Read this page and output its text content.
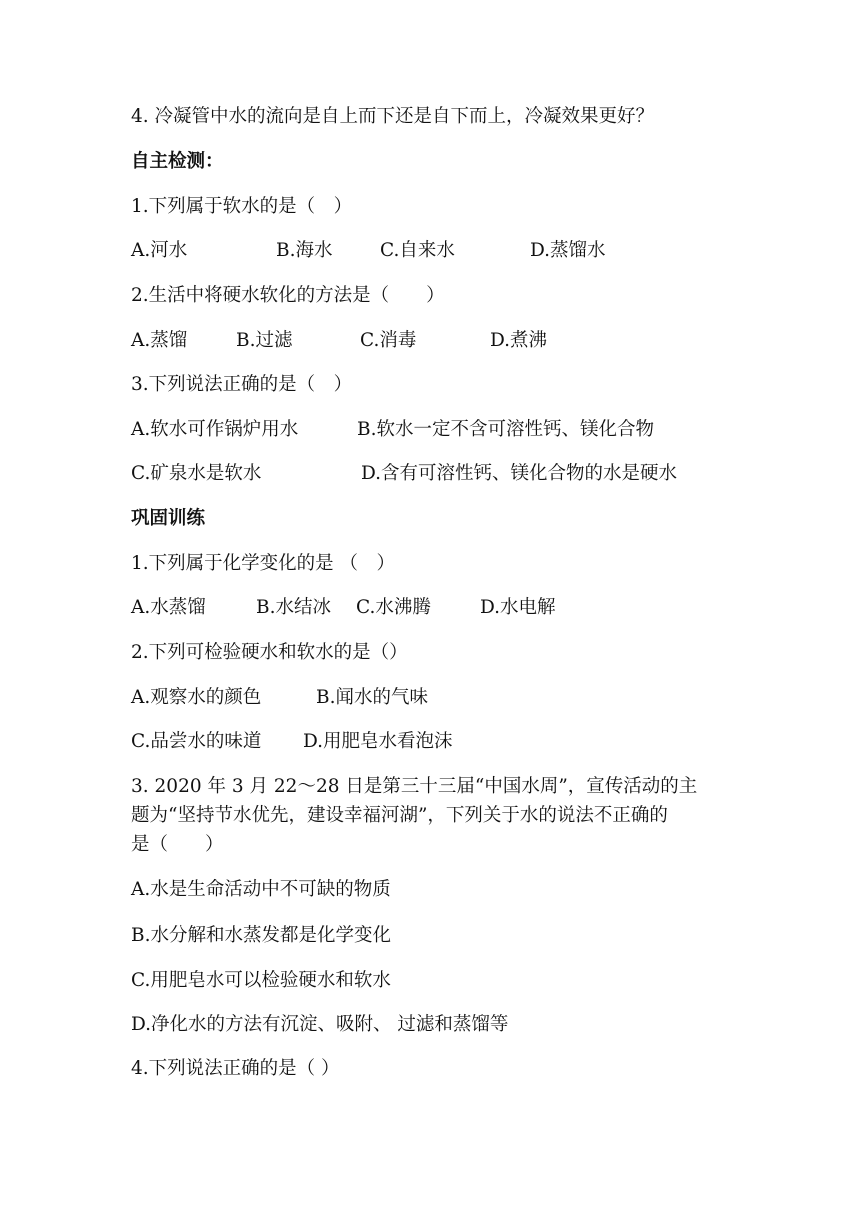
4. 冷凝管中水的流向是自上而下还是自下而上，冷凝效果更好？
自主检测：
1.下列属于软水的是（　）
A.河水	B.海水	C.自来水	D.蒸馏水
2.生活中将硬水软化的方法是（　　）
A.蒸馏	B.过滤	C.消毒	D.煮沸
3.下列说法正确的是（　）
A.软水可作锅炉用水	B.软水一定不含可溶性钙、镁化合物
C.矿泉水是软水	D.含有可溶性钙、镁化合物的水是硬水
巩固训练
1.下列属于化学变化的是 （　）
A.水蒸馏	B.水结冰 C.水沸腾	D.水电解
2.下列可检验硬水和软水的是（）
A.观察水的颜色	B.闻水的气味
C.品尝水的味道 D.用肥皂水看泡沫
3. 2020 年 3 月 22～28 日是第三十三届“中国水周”，宣传活动的主
题为“坚持节水优先，建设幸福河湖”，下列关于水的说法不正确的
是（　　）
A.水是生命活动中不可缺的物质
B.水分解和水蒸发都是化学变化
C.用肥皂水可以检验硬水和软水
D.净化水的方法有沉淀、吸附、 过滤和蒸馏等
4.下列说法正确的是（ ）
